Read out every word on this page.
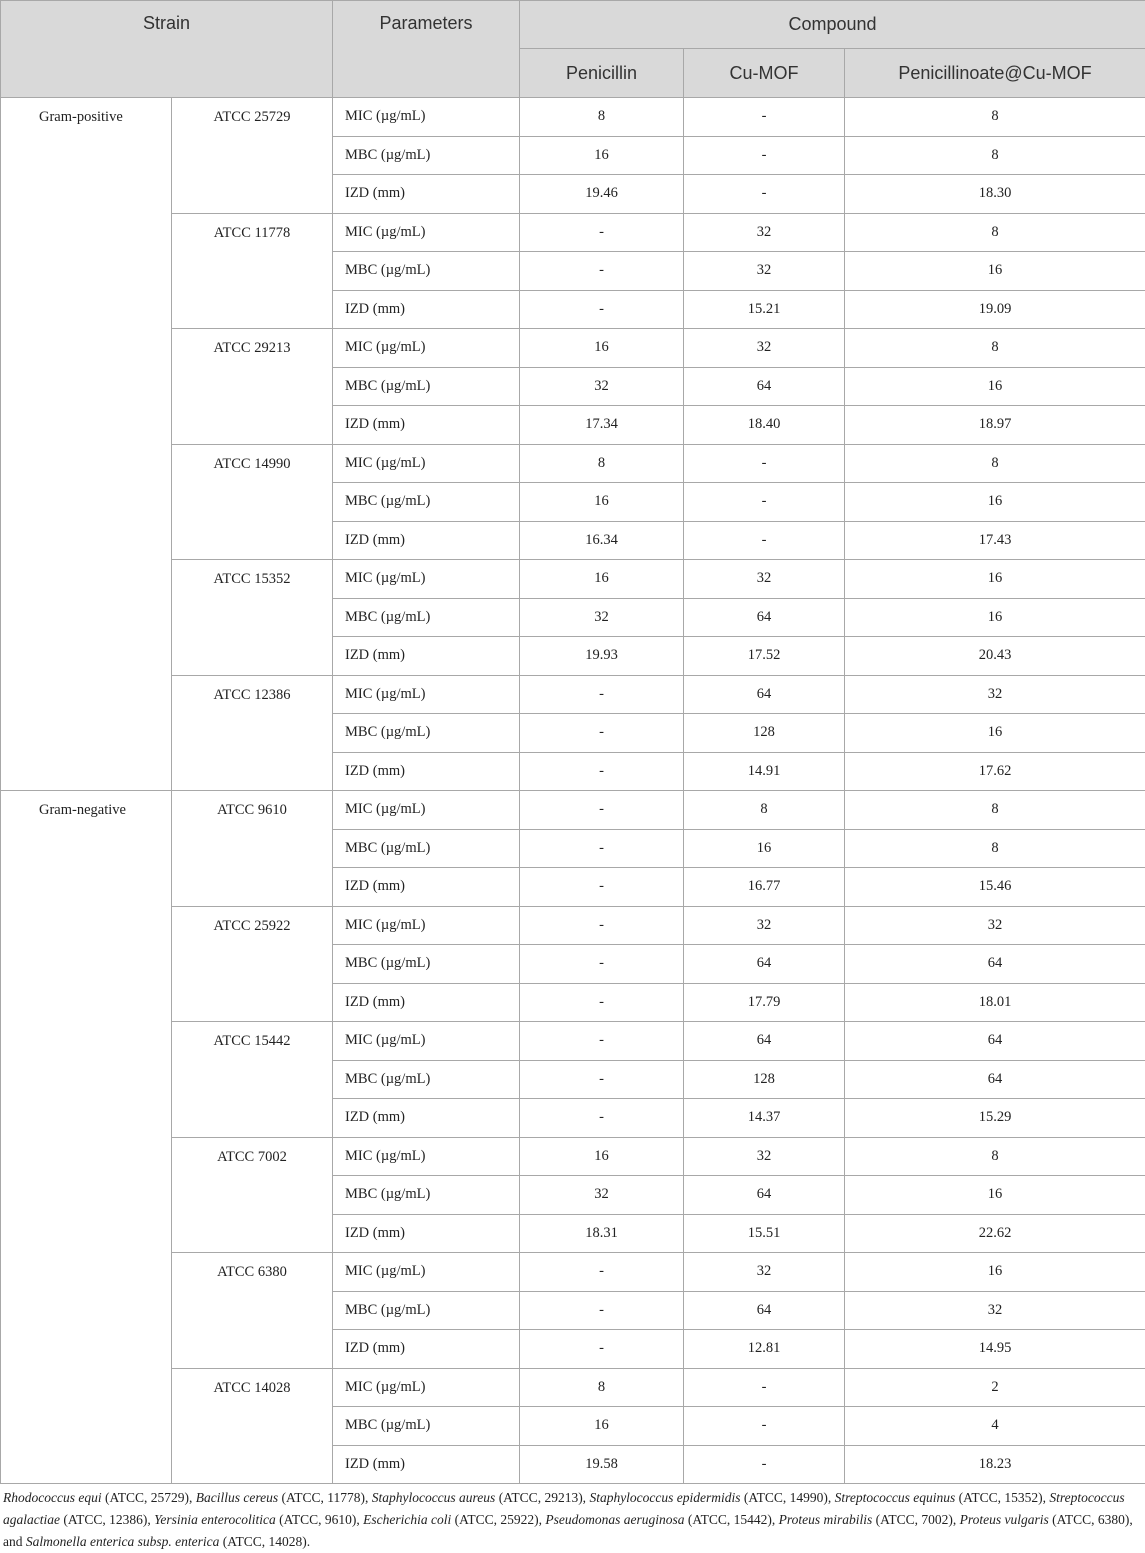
Strain		Parameters	Compound		
			Penicillin	Cu-MOF	Penicillinoate@Cu-MOF
Gram-positive	ATCC 25729	MIC (µg/mL)	8	-	8
		MBC (µg/mL)	16	-	8
		IZD (mm)	19.46	-	18.30
	ATCC 11778	MIC (µg/mL)	-	32	8
		MBC (µg/mL)	-	32	16
		IZD (mm)	-	15.21	19.09
	ATCC 29213	MIC (µg/mL)	16	32	8
		MBC (µg/mL)	32	64	16
		IZD (mm)	17.34	18.40	18.97
	ATCC 14990	MIC (µg/mL)	8	-	8
		MBC (µg/mL)	16	-	16
		IZD (mm)	16.34	-	17.43
	ATCC 15352	MIC (µg/mL)	16	32	16
		MBC (µg/mL)	32	64	16
		IZD (mm)	19.93	17.52	20.43
	ATCC 12386	MIC (µg/mL)	-	64	32
		MBC (µg/mL)	-	128	16
		IZD (mm)	-	14.91	17.62
Gram-negative	ATCC 9610	MIC (µg/mL)	-	8	8
		MBC (µg/mL)	-	16	8
		IZD (mm)	-	16.77	15.46
	ATCC 25922	MIC (µg/mL)	-	32	32
		MBC (µg/mL)	-	64	64
		IZD (mm)	-	17.79	18.01
	ATCC 15442	MIC (µg/mL)	-	64	64
		MBC (µg/mL)	-	128	64
		IZD (mm)	-	14.37	15.29
	ATCC 7002	MIC (µg/mL)	16	32	8
		MBC (µg/mL)	32	64	16
		IZD (mm)	18.31	15.51	22.62
	ATCC 6380	MIC (µg/mL)	-	32	16
		MBC (µg/mL)	-	64	32
		IZD (mm)	-	12.81	14.95
	ATCC 14028	MIC (µg/mL)	8	-	2
		MBC (µg/mL)	16	-	4
		IZD (mm)	19.58	-	18.23
Rhodococcus equi (ATCC, 25729), Bacillus cereus (ATCC, 11778), Staphylococcus aureus (ATCC, 29213), Staphylococcus epidermidis (ATCC, 14990), Streptococcus equinus (ATCC, 15352), Streptococcus agalactiae (ATCC, 12386), Yersinia enterocolitica (ATCC, 9610), Escherichia coli (ATCC, 25922), Pseudomonas aeruginosa (ATCC, 15442), Proteus mirabilis (ATCC, 7002), Proteus vulgaris (ATCC, 6380), and Salmonella enterica subsp. enterica (ATCC, 14028).
